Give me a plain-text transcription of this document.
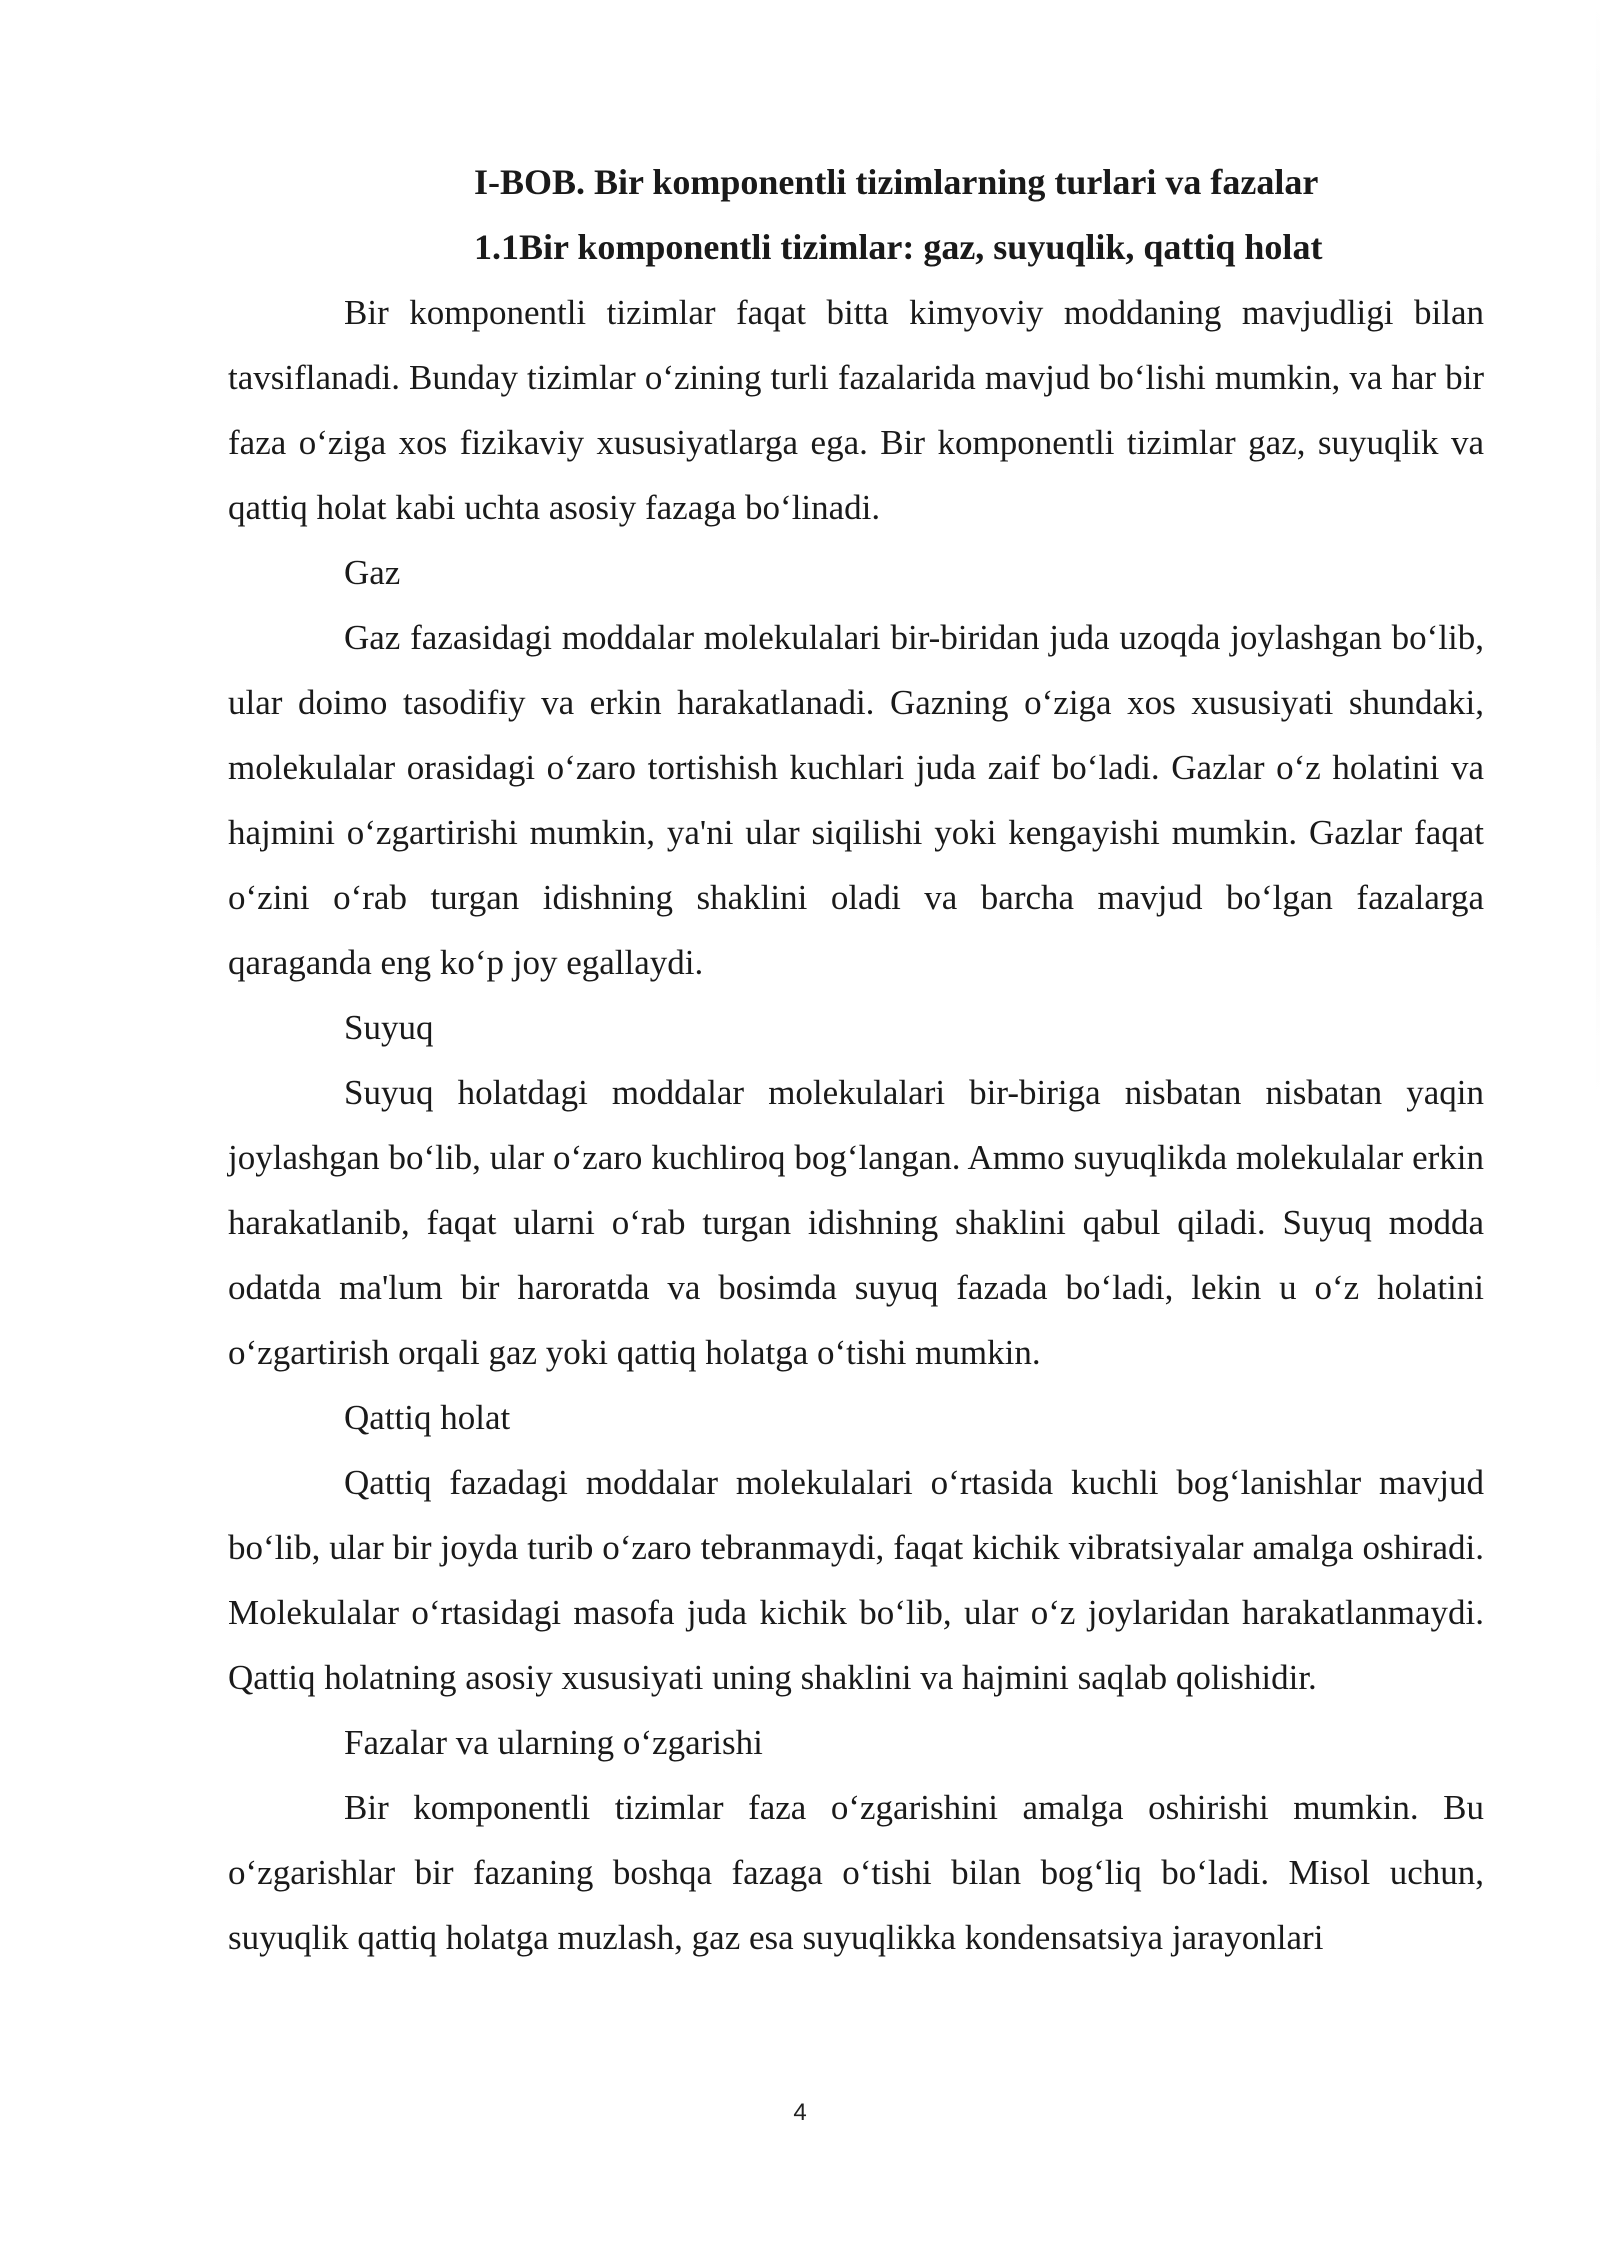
I-BOB. Bir komponentli tizimlarning turlari va fazalar

1.1Bir komponentli tizimlar: gaz, suyuqlik, qattiq holat

Bir komponentli tizimlar faqat bitta kimyoviy moddaning mavjudligi bilan tavsiflanadi. Bunday tizimlar o‘zining turli fazalarida mavjud bo‘lishi mumkin, va har bir faza o‘ziga xos fizikaviy xususiyatlarga ega. Bir komponentli tizimlar gaz, suyuqlik va qattiq holat kabi uchta asosiy fazaga bo‘linadi.

Gaz

Gaz fazasidagi moddalar molekulalari bir-biridan juda uzoqda joylashgan bo‘lib, ular doimo tasodifiy va erkin harakatlanadi. Gazning o‘ziga xos xususiyati shundaki, molekulalar orasidagi o‘zaro tortishish kuchlari juda zaif bo‘ladi. Gazlar o‘z holatini va hajmini o‘zgartirishi mumkin, ya'ni ular siqilishi yoki kengayishi mumkin. Gazlar faqat o‘zini o‘rab turgan idishning shaklini oladi va barcha mavjud bo‘lgan fazalarga qaraganda eng ko‘p joy egallaydi.

Suyuq

Suyuq holatdagi moddalar molekulalari bir-biriga nisbatan nisbatan yaqin joylashgan bo‘lib, ular o‘zaro kuchliroq bog‘langan. Ammo suyuqlikda molekulalar erkin harakatlanib, faqat ularni o‘rab turgan idishning shaklini qabul qiladi. Suyuq modda odatda ma'lum bir haroratda va bosimda suyuq fazada bo‘ladi, lekin u o‘z holatini o‘zgartirish orqali gaz yoki qattiq holatga o‘tishi mumkin.

Qattiq holat

Qattiq fazadagi moddalar molekulalari o‘rtasida kuchli bog‘lanishlar mavjud bo‘lib, ular bir joyda turib o‘zaro tebranmaydi, faqat kichik vibratsiyalar amalga oshiradi. Molekulalar o‘rtasidagi masofa juda kichik bo‘lib, ular o‘z joylaridan harakatlanmaydi. Qattiq holatning asosiy xususiyati uning shaklini va hajmini saqlab qolishidir.

Fazalar va ularning o‘zgarishi

Bir komponentli tizimlar faza o‘zgarishini amalga oshirishi mumkin. Bu o‘zgarishlar bir fazaning boshqa fazaga o‘tishi bilan bog‘liq bo‘ladi. Misol uchun, suyuqlik qattiq holatga muzlash, gaz esa suyuqlikka kondensatsiya jarayonlari

4
